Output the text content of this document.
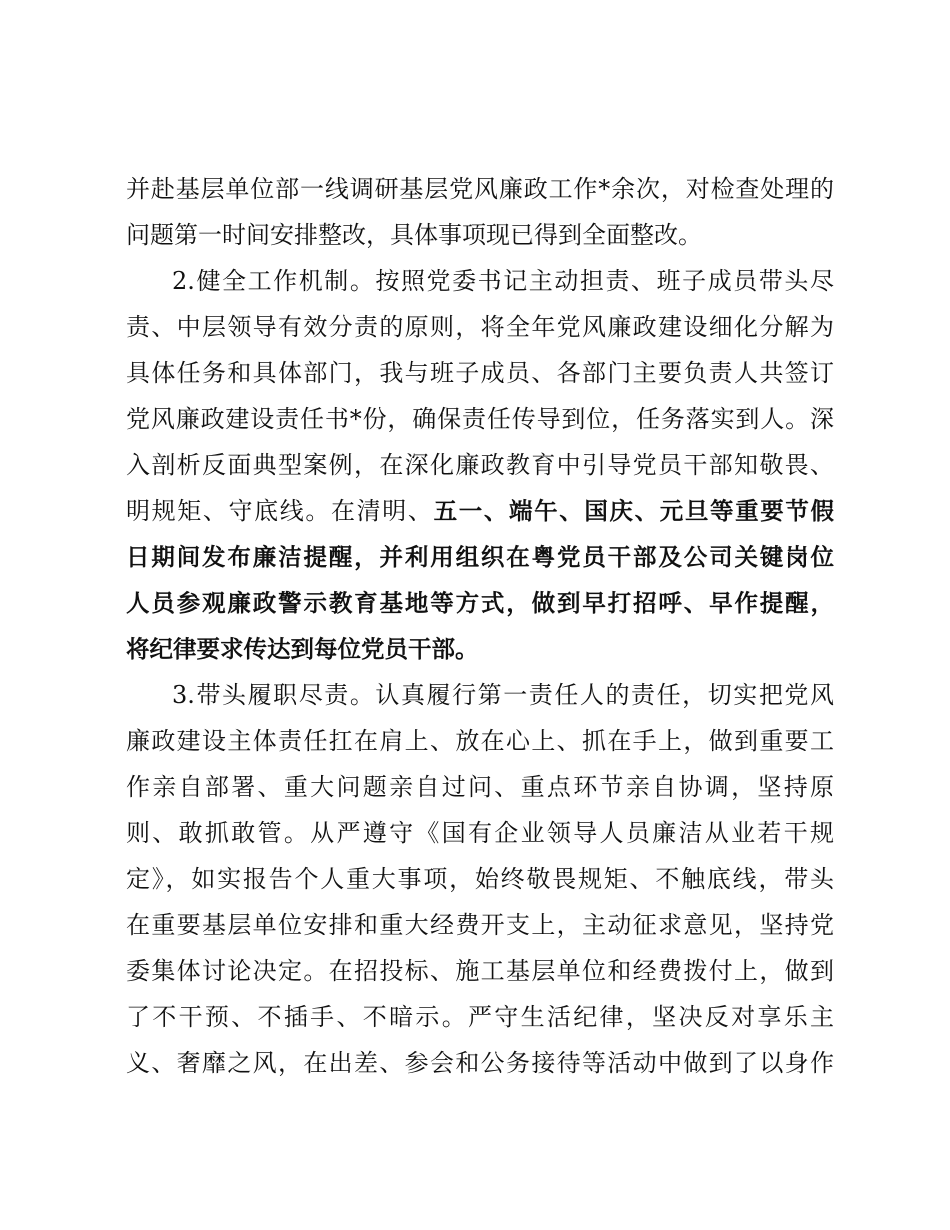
并赴基层单位部一线调研基层党风廉政工作*余次，对检查处理的
问题第一时间安排整改，具体事项现已得到全面整改。
2.健全工作机制。按照党委书记主动担责、班子成员带头尽
责、中层领导有效分责的原则，将全年党风廉政建设细化分解为
具体任务和具体部门，我与班子成员、各部门主要负责人共签订
党风廉政建设责任书*份，确保责任传导到位，任务落实到人。深
入剖析反面典型案例，在深化廉政教育中引导党员干部知敬畏、
明规矩、守底线。在清明、五一、端午、国庆、元旦等重要节假
日期间发布廉洁提醒，并利用组织在粤党员干部及公司关键岗位
人员参观廉政警示教育基地等方式，做到早打招呼、早作提醒，
将纪律要求传达到每位党员干部。
3.带头履职尽责。认真履行第一责任人的责任，切实把党风
廉政建设主体责任扛在肩上、放在心上、抓在手上，做到重要工
作亲自部署、重大问题亲自过问、重点环节亲自协调，坚持原
则、敢抓敢管。从严遵守《国有企业领导人员廉洁从业若干规
定》，如实报告个人重大事项，始终敬畏规矩、不触底线，带头
在重要基层单位安排和重大经费开支上，主动征求意见，坚持党
委集体讨论决定。在招投标、施工基层单位和经费拨付上，做到
了不干预、不插手、不暗示。严守生活纪律，坚决反对享乐主
义、奢靡之风，在出差、参会和公务接待等活动中做到了以身作
